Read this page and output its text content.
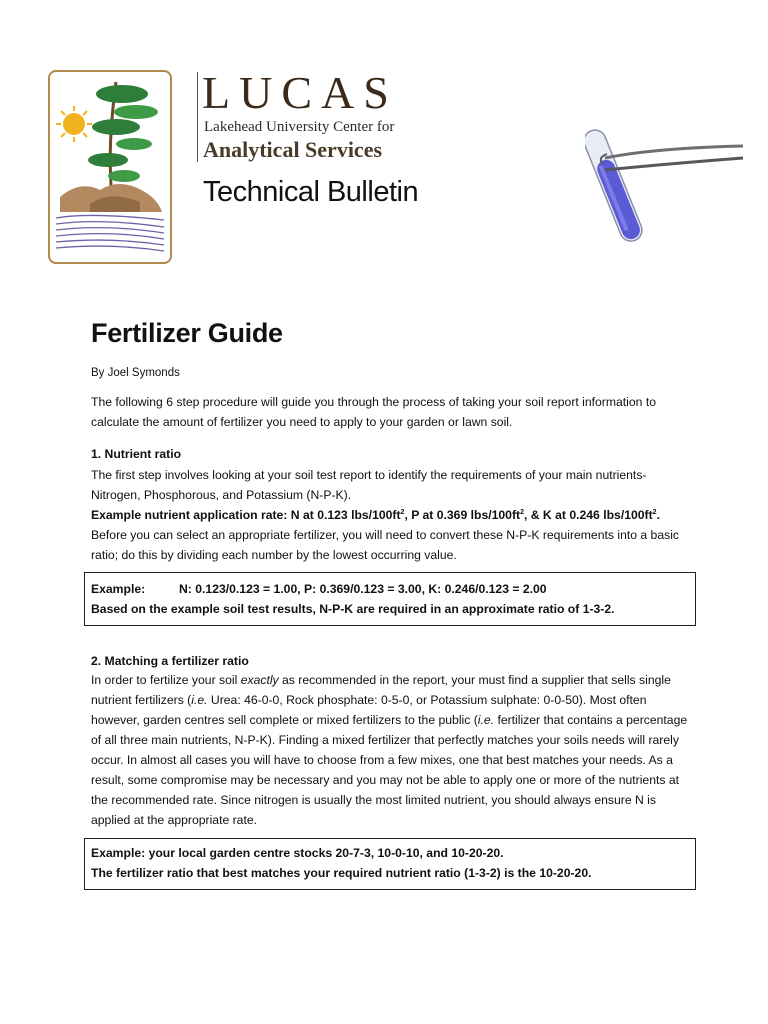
LUCAS
Lakehead University Center for
Analytical Services
Technical Bulletin
Fertilizer Guide
By Joel Symonds
The following 6 step procedure will guide you through the process of taking your soil report information to calculate the amount of fertilizer you need to apply to your garden or lawn soil.
1. Nutrient ratio
The first step involves looking at your soil test report to identify the requirements of your main nutrients- Nitrogen, Phosphorous, and Potassium (N-P-K).
Example nutrient application rate: N at 0.123 lbs/$100ft^2$, P at 0.369 lbs/$100ft^2$, & K at 0.246 lbs/$100ft^2$.
Before you can select an appropriate fertilizer, you will need to convert these N-P-K requirements into a basic ratio; do this by dividing each number by the lowest occurring value.
Example:	N: 0.123/0.123 = 1.00, P: 0.369/0.123 = 3.00, K: 0.246/0.123 = 2.00
Based on the example soil test results, N-P-K are required in an approximate ratio of 1-3-2.
2. Matching a fertilizer ratio
In order to fertilize your soil exactly as recommended in the report, your must find a supplier that sells single nutrient fertilizers (i.e. Urea: 46-0-0, Rock phosphate: 0-5-0, or Potassium sulphate: 0-0-50). Most often however, garden centres sell complete or mixed fertilizers to the public (i.e. fertilizer that contains a percentage of all three main nutrients, N-P-K). Finding a mixed fertilizer that perfectly matches your soils needs will rarely occur. In almost all cases you will have to choose from a few mixes, one that best matches your needs. As a result, some compromise may be necessary and you may not be able to apply one or more of the nutrients at the recommended rate. Since nitrogen is usually the most limited nutrient, you should always ensure N is applied at the appropriate rate.
Example: your local garden centre stocks 20-7-3, 10-0-10, and 10-20-20.
The fertilizer ratio that best matches your required nutrient ratio (1-3-2) is the 10-20-20.
